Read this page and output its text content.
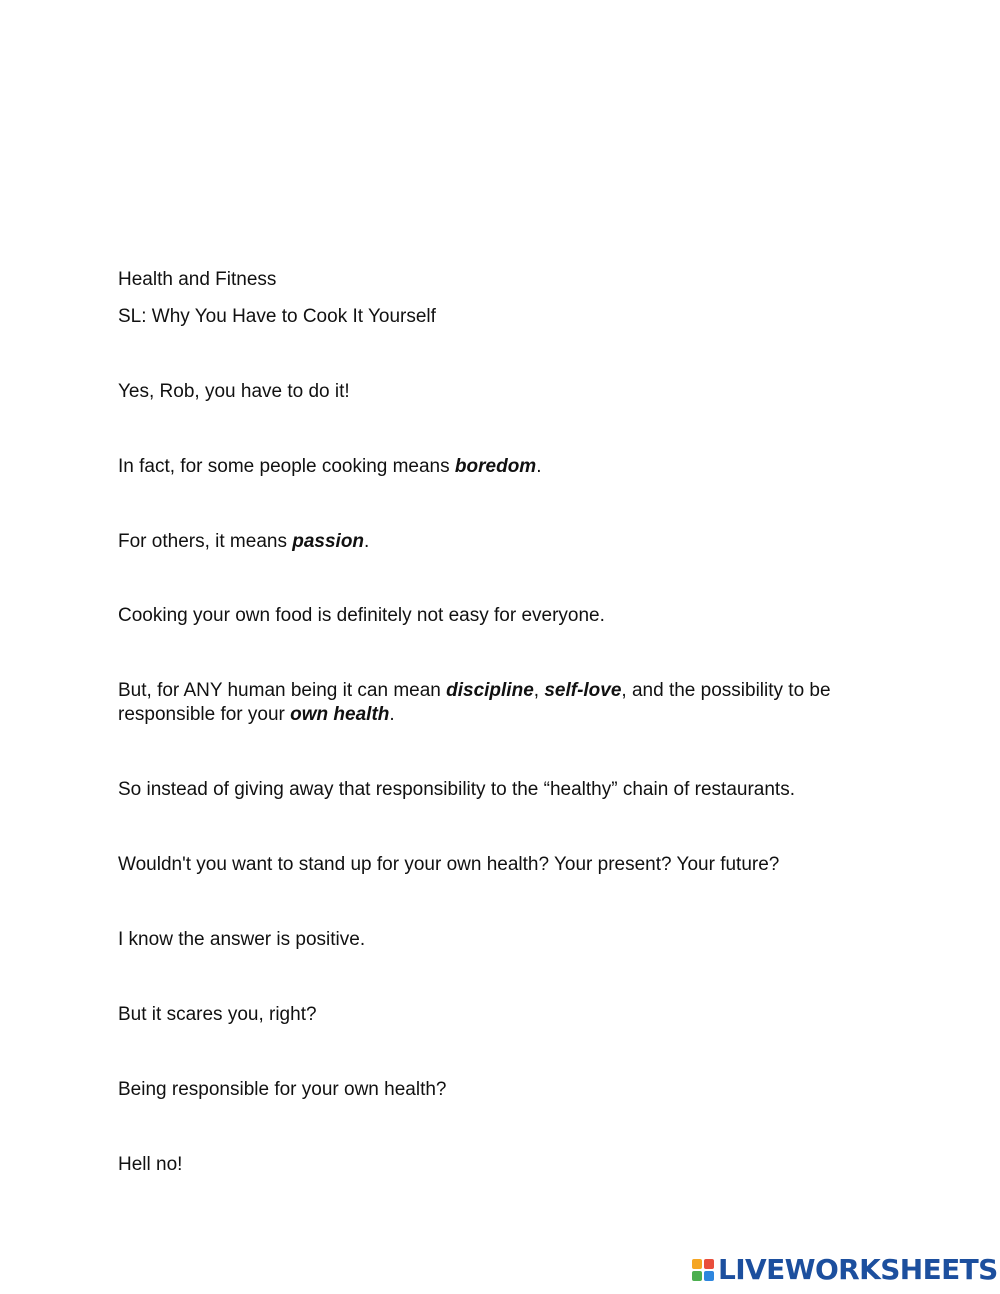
Health and Fitness
SL: Why You Have to Cook It Yourself
Yes, Rob, you have to do it!
In fact, for some people cooking means boredom.
For others, it means passion.
Cooking your own food is definitely not easy for everyone.
But, for ANY human being it can mean discipline, self-love, and the possibility to be responsible for your own health.
So instead of giving away that responsibility to the “healthy” chain of restaurants.
Wouldn't you want to stand up for your own health? Your present? Your future?
I know the answer is positive.
But it scares you, right?
Being responsible for your own health?
Hell no!
LIVEWORKSHEETS
